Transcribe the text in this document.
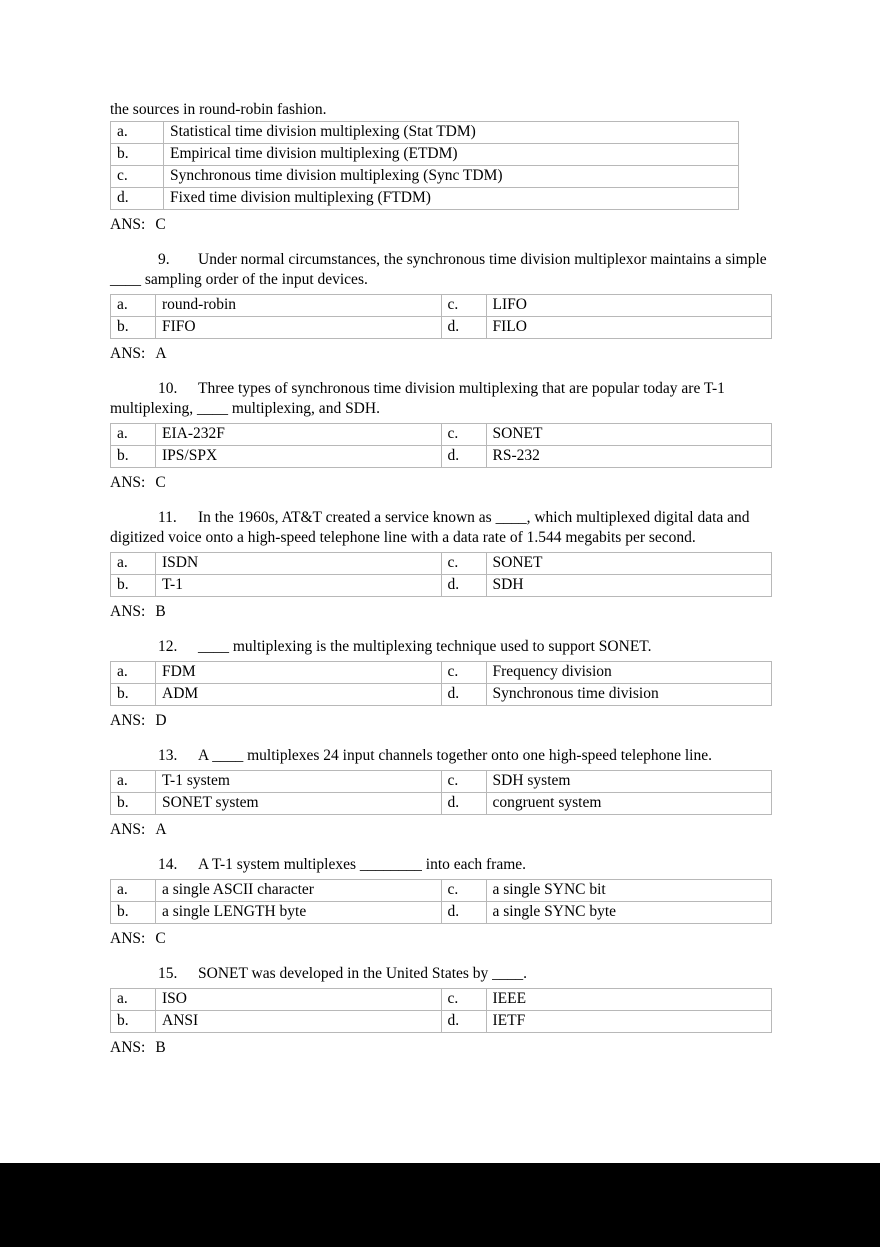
the sources in round-robin fashion.

a.	Statistical time division multiplexing (Stat TDM)
b.	Empirical time division multiplexing (ETDM)
c.	Synchronous time division multiplexing (Sync TDM)
d.	Fixed time division multiplexing (FTDM)

ANS: C

9. Under normal circumstances, the synchronous time division multiplexor maintains a simple ____ sampling order of the input devices.

a.	round-robin	c.	LIFO
b.	FIFO	d.	FILO

ANS: A

10. Three types of synchronous time division multiplexing that are popular today are T-1 multiplexing, ____ multiplexing, and SDH.

a.	EIA-232F	c.	SONET
b.	IPS/SPX	d.	RS-232

ANS: C

11. In the 1960s, AT&T created a service known as ____, which multiplexed digital data and digitized voice onto a high-speed telephone line with a data rate of 1.544 megabits per second.

a.	ISDN	c.	SONET
b.	T-1	d.	SDH

ANS: B

12. ____ multiplexing is the multiplexing technique used to support SONET.

a.	FDM	c.	Frequency division
b.	ADM	d.	Synchronous time division

ANS: D

13. A ____ multiplexes 24 input channels together onto one high-speed telephone line.

a.	T-1 system	c.	SDH system
b.	SONET system	d.	congruent system

ANS: A

14. A T-1 system multiplexes ________ into each frame.

a.	a single ASCII character	c.	a single SYNC bit
b.	a single LENGTH byte	d.	a single SYNC byte

ANS: C

15. SONET was developed in the United States by ____.

a.	ISO	c.	IEEE
b.	ANSI	d.	IETF

ANS: B
